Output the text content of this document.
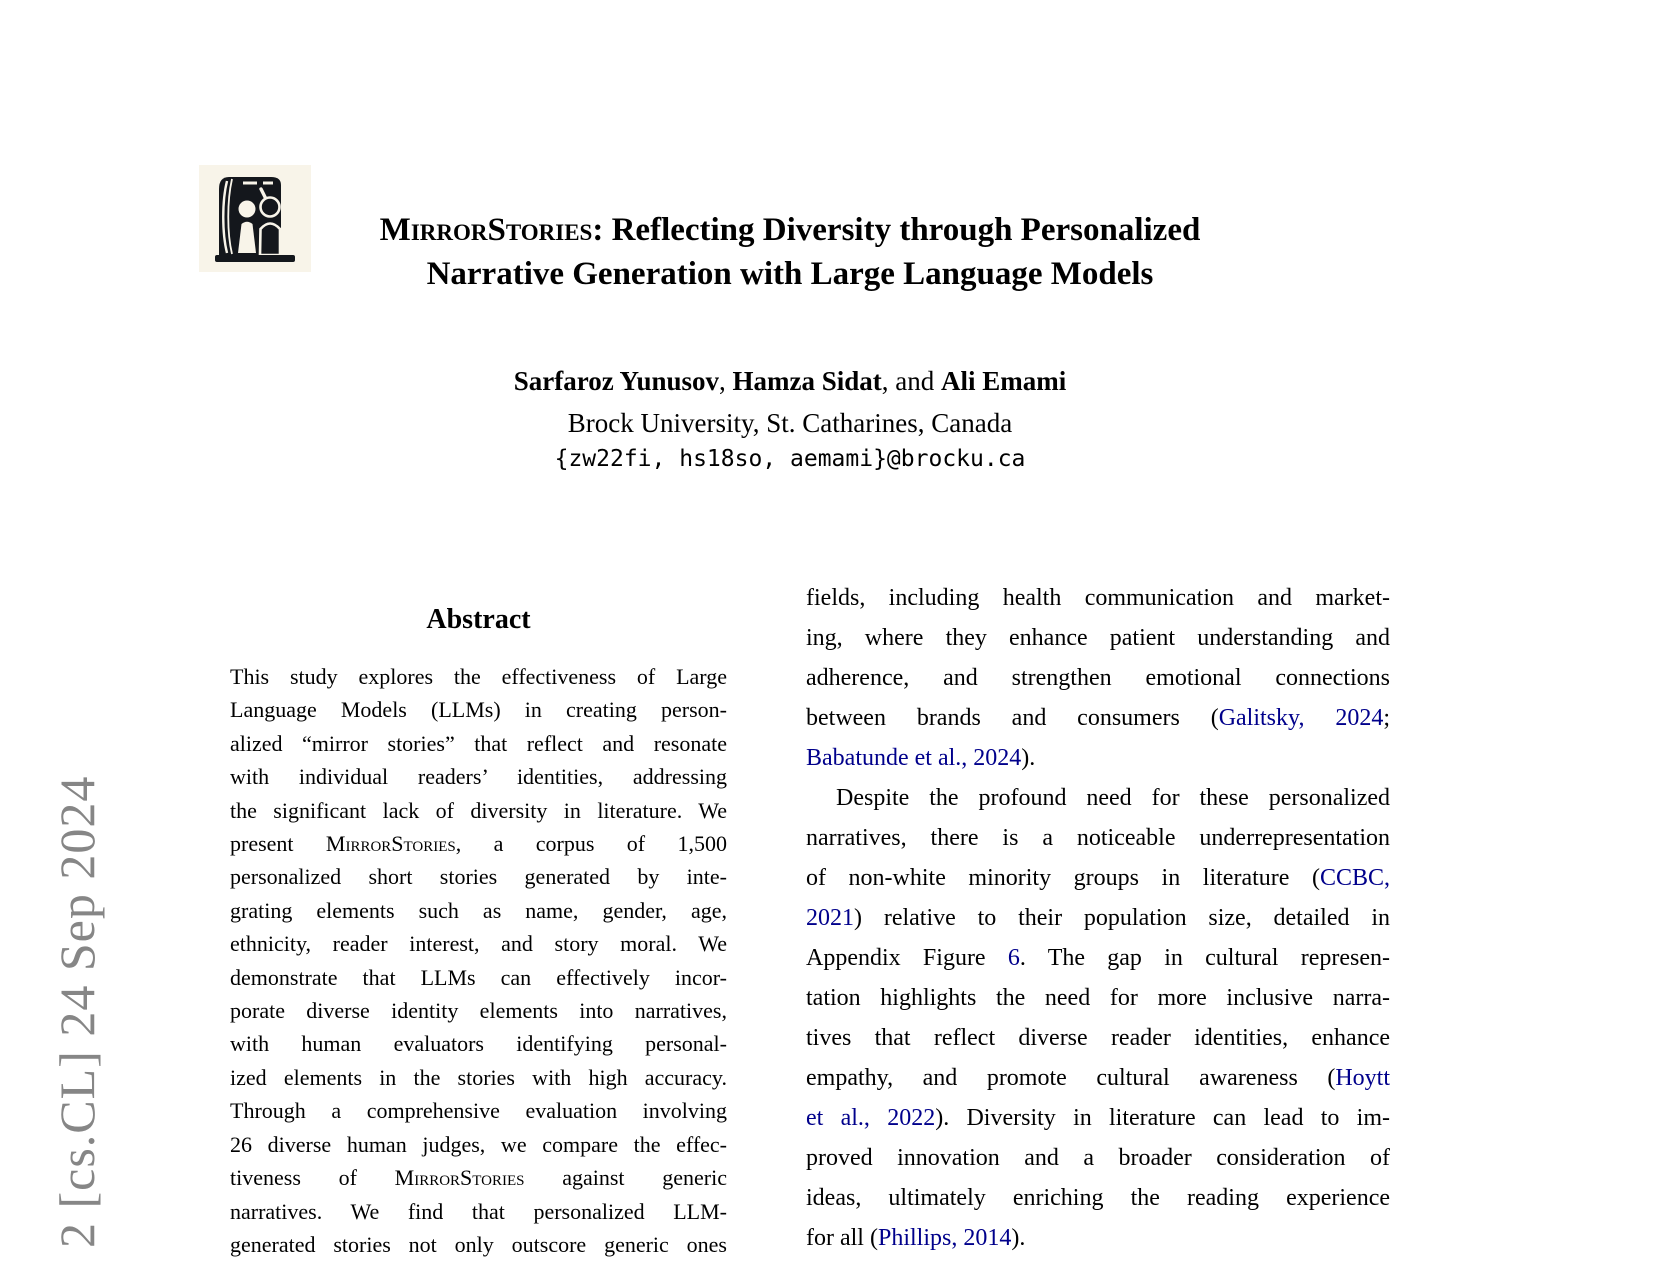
2 [cs.CL] 24 Sep 2024
MirrorStories: Reflecting Diversity through Personalized
Narrative Generation with Large Language Models
Sarfaroz Yunusov, Hamza Sidat, and Ali Emami
Brock University, St. Catharines, Canada
{zw22fi, hs18so, aemami}@brocku.ca
Abstract
This study explores the effectiveness of Large
Language Models (LLMs) in creating person-
alized “mirror stories” that reflect and resonate
with individual readers’ identities, addressing
the significant lack of diversity in literature. We
present MirrorStories, a corpus of 1,500
personalized short stories generated by inte-
grating elements such as name, gender, age,
ethnicity, reader interest, and story moral. We
demonstrate that LLMs can effectively incor-
porate diverse identity elements into narratives,
with human evaluators identifying personal-
ized elements in the stories with high accuracy.
Through a comprehensive evaluation involving
26 diverse human judges, we compare the effec-
tiveness of MirrorStories against generic
narratives. We find that personalized LLM-
generated stories not only outscore generic ones
fields, including health communication and market-
ing, where they enhance patient understanding and
adherence, and strengthen emotional connections
between brands and consumers (Galitsky, 2024;
Babatunde et al., 2024).
Despite the profound need for these personalized
narratives, there is a noticeable underrepresentation
of non-white minority groups in literature (CCBC,
2021) relative to their population size, detailed in
Appendix Figure 6. The gap in cultural represen-
tation highlights the need for more inclusive narra-
tives that reflect diverse reader identities, enhance
empathy, and promote cultural awareness (Hoytt
et al., 2022). Diversity in literature can lead to im-
proved innovation and a broader consideration of
ideas, ultimately enriching the reading experience
for all (Phillips, 2014).
